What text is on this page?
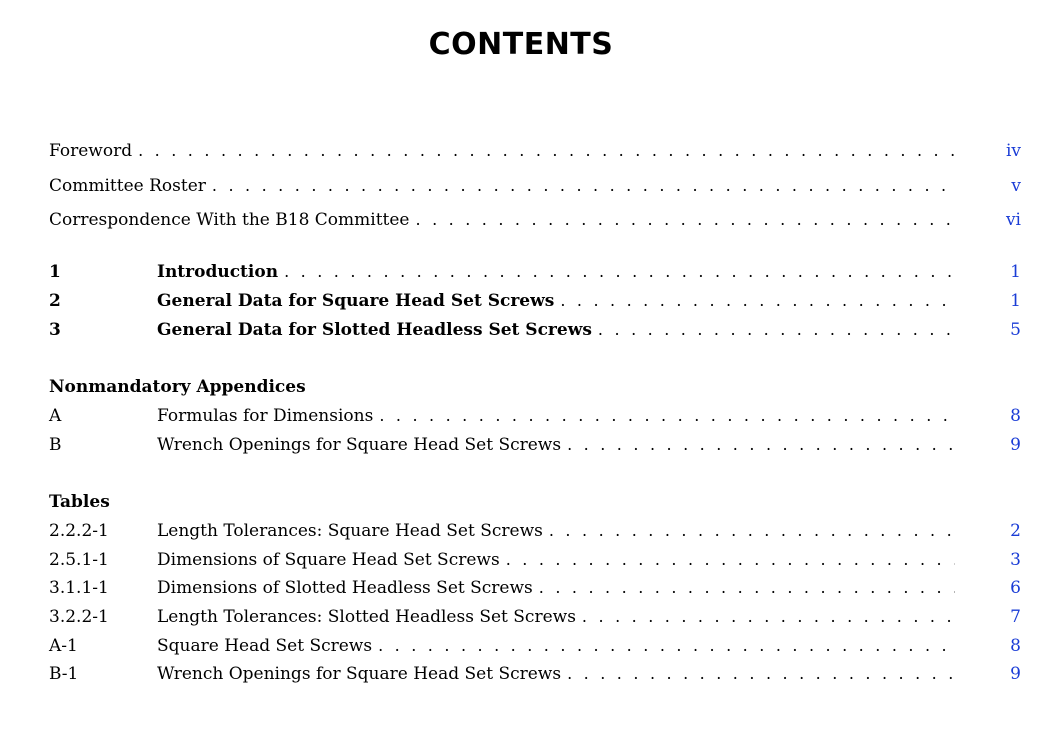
CONTENTS
Foreword . . .	iv
Committee Roster . . .	v
Correspondence With the B18 Committee . . .	vi
1	Introduction . . .	1
2	General Data for Square Head Set Screws . . .	1
3	General Data for Slotted Headless Set Screws . . .	5
Nonmandatory Appendices
A	Formulas for Dimensions . . .	8
B	Wrench Openings for Square Head Set Screws . . .	9
Tables
2.2.2-1	Length Tolerances: Square Head Set Screws . . .	2
2.5.1-1	Dimensions of Square Head Set Screws . . .	3
3.1.1-1	Dimensions of Slotted Headless Set Screws . . .	6
3.2.2-1	Length Tolerances: Slotted Headless Set Screws . . .	7
A-1	Square Head Set Screws . . .	8
B-1	Wrench Openings for Square Head Set Screws . . .	9
